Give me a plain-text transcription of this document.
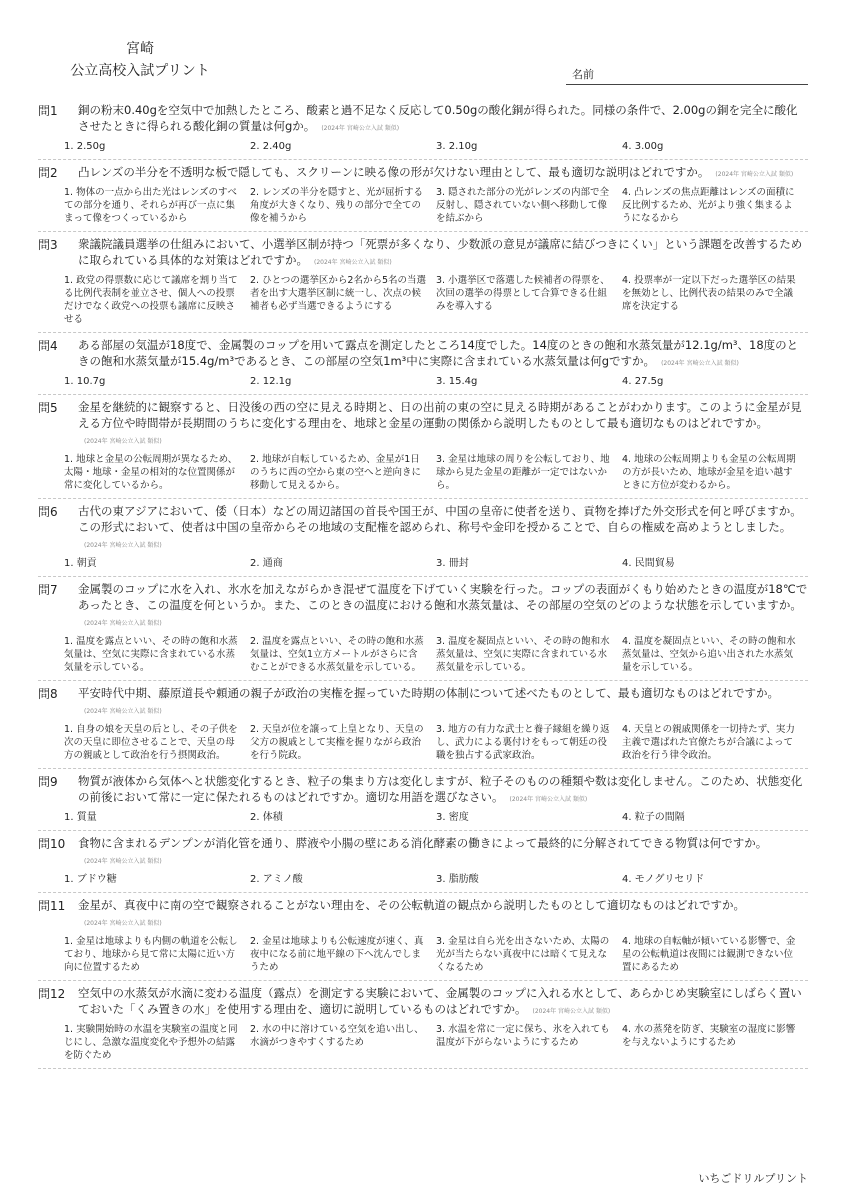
宮崎
公立高校入試プリント	名前
問1	銅の粉末0.40gを空気中で加熱したところ、酸素と過不足なく反応して0.50gの酸化銅が得られた。同様の条件で、2.00gの銅を完全に酸化させたときに得られる酸化銅の質量は何gか。 (2024年 宮崎公立入試 類似)
1. 2.50g	2. 2.40g	3. 2.10g	4. 3.00g
問2	凸レンズの半分を不透明な板で隠しても、スクリーンに映る像の形が欠けない理由として、最も適切な説明はどれですか。 (2024年 宮崎公立入試 類似)
1. 物体の一点から出た光はレンズのすべての部分を通り、それらが再び一点に集まって像をつくっているから
2. レンズの半分を隠すと、光が屈折する角度が大きくなり、残りの部分で全ての像を補うから
3. 隠された部分の光がレンズの内部で全反射し、隠されていない側へ移動して像を結ぶから
4. 凸レンズの焦点距離はレンズの面積に反比例するため、光がより強く集まるようになるから
問3	衆議院議員選挙の仕組みにおいて、小選挙区制が持つ「死票が多くなり、少数派の意見が議席に結びつきにくい」という課題を改善するために取られている具体的な対策はどれですか。 (2024年 宮崎公立入試 類似)
1. 政党の得票数に応じて議席を割り当てる比例代表制を並立させ、個人への投票だけでなく政党への投票も議席に反映させる
2. ひとつの選挙区から2名から5名の当選者を出す大選挙区制に統一し、次点の候補者も必ず当選できるようにする
3. 小選挙区で落選した候補者の得票を、次回の選挙の得票として合算できる仕組みを導入する
4. 投票率が一定以下だった選挙区の結果を無効とし、比例代表の結果のみで全議席を決定する
問4	ある部屋の気温が18度で、金属製のコップを用いて露点を測定したところ14度でした。14度のときの飽和水蒸気量が12.1g/m³、18度のときの飽和水蒸気量が15.4g/m³であるとき、この部屋の空気1m³中に実際に含まれている水蒸気量は何gですか。 (2024年 宮崎公立入試 類似)
1. 10.7g	2. 12.1g	3. 15.4g	4. 27.5g
問5	金星を継続的に観察すると、日没後の西の空に見える時期と、日の出前の東の空に見える時期があることがわかります。このように金星が見える方位や時間帯が長期間のうちに変化する理由を、地球と金星の運動の関係から説明したものとして最も適切なものはどれですか。(2024年 宮崎公立入試 類似)
1. 地球と金星の公転周期が異なるため、太陽・地球・金星の相対的な位置関係が常に変化しているから。
2. 地球が自転しているため、金星が1日のうちに西の空から東の空へと逆向きに移動して見えるから。
3. 金星は地球の周りを公転しており、地球から見た金星の距離が一定ではないから。
4. 地球の公転周期よりも金星の公転周期の方が長いため、地球が金星を追い越すときに方位が変わるから。
問6	古代の東アジアにおいて、倭（日本）などの周辺諸国の首長や国王が、中国の皇帝に使者を送り、貢物を捧げた外交形式を何と呼びますか。この形式において、使者は中国の皇帝からその地域の支配権を認められ、称号や金印を授かることで、自らの権威を高めようとしました。(2024年 宮崎公立入試 類似)
1. 朝貢	2. 通商	3. 冊封	4. 民間貿易
問7	金属製のコップに水を入れ、氷水を加えながらかき混ぜて温度を下げていく実験を行った。コップの表面がくもり始めたときの温度が18℃であったとき、この温度を何というか。また、このときの温度における飽和水蒸気量は、その部屋の空気のどのような状態を示していますか。(2024年 宮崎公立入試 類似)
1. 温度を露点といい、その時の飽和水蒸気量は、空気に実際に含まれている水蒸気量を示している。
2. 温度を露点といい、その時の飽和水蒸気量は、空気1立方メートルがさらに含むことができる水蒸気量を示している。
3. 温度を凝固点といい、その時の飽和水蒸気量は、空気に実際に含まれている水蒸気量を示している。
4. 温度を凝固点といい、その時の飽和水蒸気量は、空気から追い出された水蒸気量を示している。
問8	平安時代中期、藤原道長や頼通の親子が政治の実権を握っていた時期の体制について述べたものとして、最も適切なものはどれですか。(2024年 宮崎公立入試 類似)
1. 自身の娘を天皇の后とし、その子供を次の天皇に即位させることで、天皇の母方の親戚として政治を行う摂関政治。
2. 天皇が位を譲って上皇となり、天皇の父方の親戚として実権を握りながら政治を行う院政。
3. 地方の有力な武士と養子縁組を繰り返し、武力による裏付けをもって朝廷の役職を独占する武家政治。
4. 天皇との親戚関係を一切持たず、実力主義で選ばれた官僚たちが合議によって政治を行う律令政治。
問9	物質が液体から気体へと状態変化するとき、粒子の集まり方は変化しますが、粒子そのものの種類や数は変化しません。このため、状態変化の前後において常に一定に保たれるものはどれですか。適切な用語を選びなさい。 (2024年 宮崎公立入試 類似)
1. 質量	2. 体積	3. 密度	4. 粒子の間隔
問10	食物に含まれるデンプンが消化管を通り、膵液や小腸の壁にある消化酵素の働きによって最終的に分解されてできる物質は何ですか。(2024年 宮崎公立入試 類似)
1. ブドウ糖	2. アミノ酸	3. 脂肪酸	4. モノグリセリド
問11	金星が、真夜中に南の空で観察されることがない理由を、その公転軌道の観点から説明したものとして適切なものはどれですか。(2024年 宮崎公立入試 類似)
1. 金星は地球よりも内側の軌道を公転しており、地球から見て常に太陽に近い方向に位置するため
2. 金星は地球よりも公転速度が速く、真夜中になる前に地平線の下へ沈んでしまうため
3. 金星は自ら光を出さないため、太陽の光が当たらない真夜中には暗くて見えなくなるため
4. 地球の自転軸が傾いている影響で、金星の公転軌道は夜間には観測できない位置にあるため
問12	空気中の水蒸気が水滴に変わる温度（露点）を測定する実験において、金属製のコップに入れる水として、あらかじめ実験室にしばらく置いておいた「くみ置きの水」を使用する理由を、適切に説明しているものはどれですか。 (2024年 宮崎公立入試 類似)
1. 実験開始時の水温を実験室の温度と同じにし、急激な温度変化や予想外の結露を防ぐため
2. 水の中に溶けている空気を追い出し、水滴がつきやすくするため
3. 水温を常に一定に保ち、氷を入れても温度が下がらないようにするため
4. 水の蒸発を防ぎ、実験室の湿度に影響を与えないようにするため
いちごドリルプリント
